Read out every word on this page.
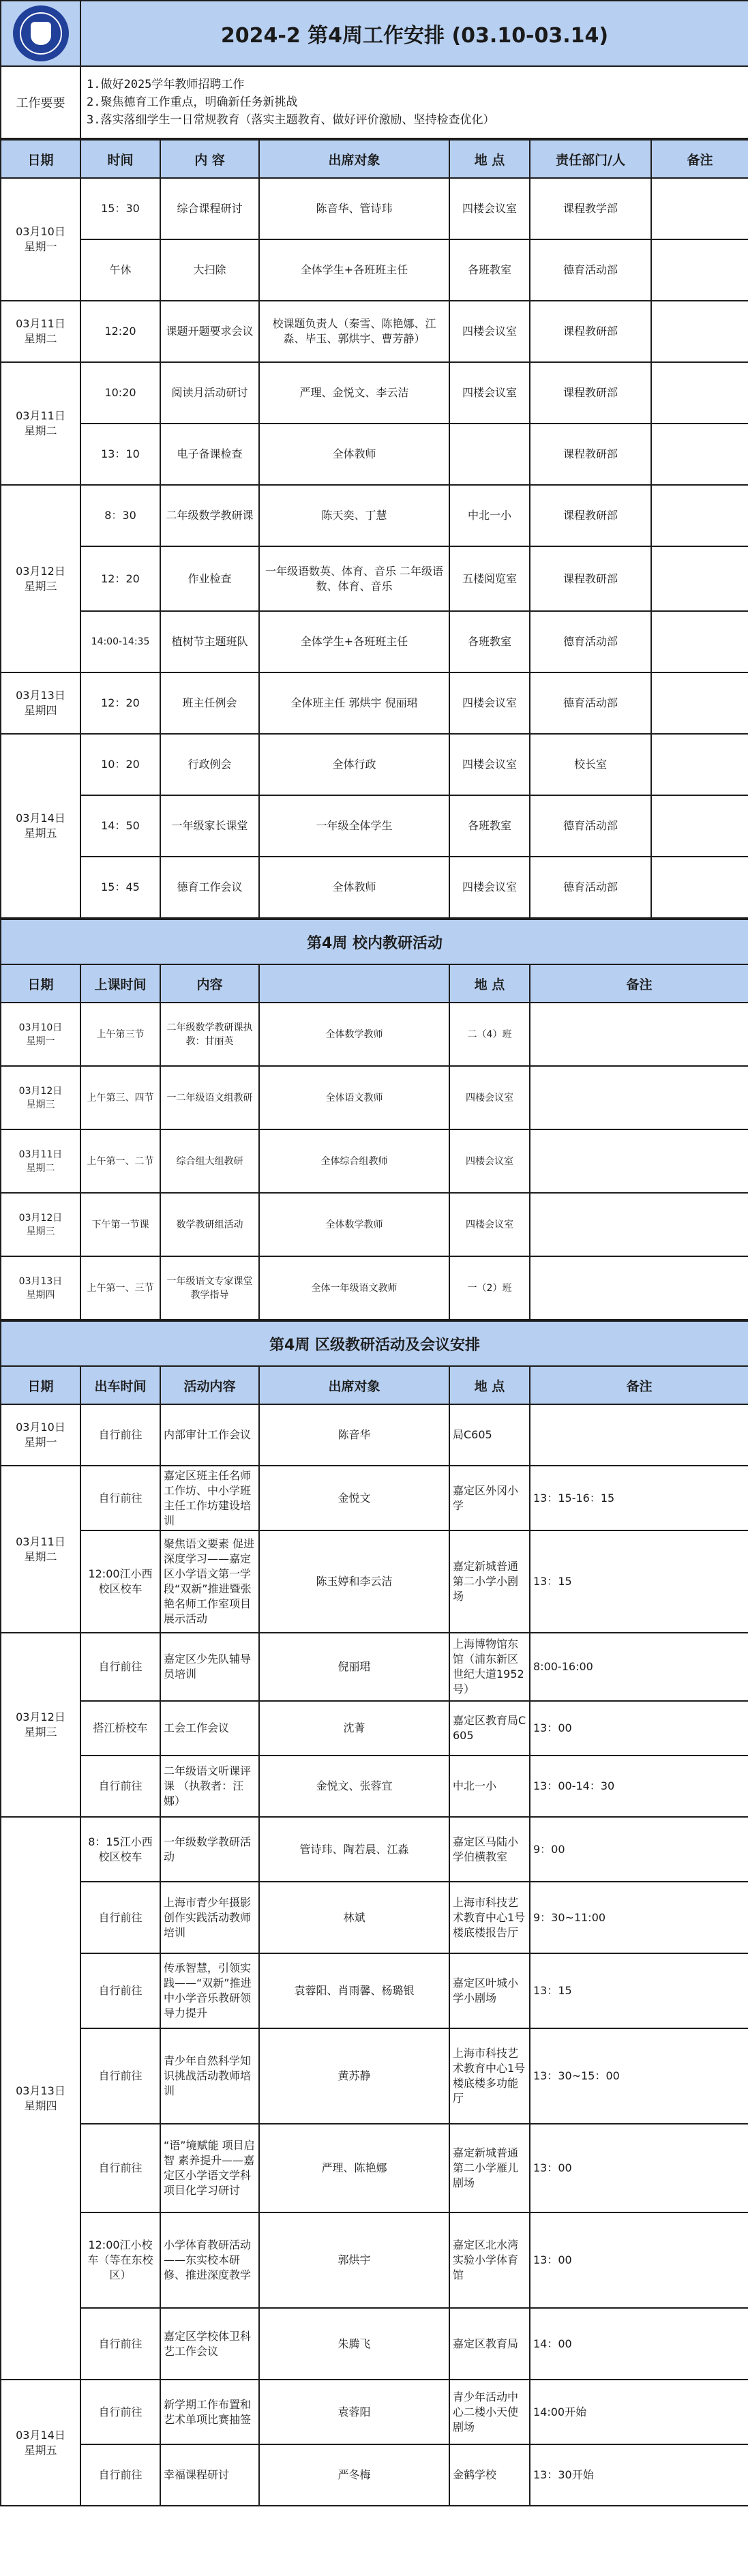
	2024-2 第4周工作安排 (03.10-03.14)
工作要要	1.做好2025学年教师招聘工作
2.聚焦德育工作重点，明确新任务新挑战
3.落实落细学生一日常规教育（落实主题教育、做好评价激励、坚持检查优化）
日期	时间	内 容	出席对象	地 点	责任部门/人	备注
03月10日
星期一	15：30	综合课程研讨	陈音华、管诗玮	四楼会议室	课程教学部	
	午休	大扫除	全体学生+各班班主任	各班教室	德育活动部	
03月11日
星期二	12:20	课题开题要求会议	校课题负责人（秦雪、陈艳娜、江淼、毕玉、郭烘宇、曹芳静）	四楼会议室	课程教研部	
03月11日
星期二	10:20	阅读月活动研讨	严理、金悦文、李云洁	四楼会议室	课程教研部	
	13：10	电子备课检查	全体教师		课程教研部	
03月12日
星期三	8：30	二年级数学教研课	陈天奕、丁慧	中北一小	课程教研部	
	12：20	作业检查	一年级语数英、体育、音乐 二年级语数、体育、音乐	五楼阅览室	课程教研部	
	14:00-14:35	植树节主题班队	全体学生+各班班主任	各班教室	德育活动部	
03月13日
星期四	12：20	班主任例会	全体班主任 郭烘宇 倪丽珺	四楼会议室	德育活动部	
03月14日
星期五	10：20	行政例会	全体行政	四楼会议室	校长室	
	14：50	一年级家长课堂	一年级全体学生	各班教室	德育活动部	
	15：45	德育工作会议	全体教师	四楼会议室	德育活动部	
第4周 校内教研活动					
日期	上课时间	内容		地 点	备注
03月10日
星期一	上午第三节	二年级数学教研课执教：甘丽英	全体数学教师	二（4）班	
03月12日
星期三	上午第三、四节	一二年级语文组教研	全体语文教师	四楼会议室	
03月11日
星期二	上午第一、二节	综合组大组教研	全体综合组教师	四楼会议室	
03月12日
星期三	下午第一节课	数学教研组活动	全体数学教师	四楼会议室	
03月13日
星期四	上午第一、三节	一年级语文专家课堂教学指导	全体一年级语文教师	一（2）班	
第4周 区级教研活动及会议安排					
日期	出车时间	活动内容	出席对象	地 点	备注
03月10日
星期一	自行前往	内部审计工作会议	陈音华	局C605	
03月11日
星期二	自行前往	嘉定区班主任名师工作坊、中小学班主任工作坊建设培训	金悦文	嘉定区外冈小学	13：15-16：15
	12:00江小西校区校车	聚焦语文要素 促进深度学习——嘉定区小学语文第一学段“双新”推进暨张艳名师工作室项目展示活动	陈玉婷和李云洁	嘉定新城普通第二小学小剧场	13：15
03月12日
星期三	自行前往	嘉定区少先队辅导员培训	倪丽珺	上海博物馆东馆（浦东新区世纪大道1952号）	8:00-16:00
	搭江桥校车	工会工作会议	沈菁	嘉定区教育局C605	13：00
	自行前往	二年级语文听课评课 （执教者：汪娜）	金悦文、张蓉宜	中北一小	13：00-14：30
03月13日
星期四	8：15江小西校区校车	一年级数学教研活动	管诗玮、陶若晨、江淼	嘉定区马陆小学伯横教室	9：00
	自行前往	上海市青少年摄影创作实践活动教师培训	林斌	上海市科技艺术教育中心1号楼底楼报告厅	9：30~11:00
	自行前往	传承智慧，引领实践——“双新”推进中小学音乐教研领导力提升	袁蓉阳、肖雨馨、杨璐银	嘉定区叶城小学小剧场	13：15
	自行前往	青少年自然科学知识挑战活动教师培训	黄苏静	上海市科技艺术教育中心1号楼底楼多功能厅	13：30~15：00
	自行前往	“语”境赋能 项目启智 素养提升——嘉定区小学语文学科项目化学习研讨	严理、陈艳娜	嘉定新城普通第二小学雁儿剧场	13：00
	12:00江小校车（等在东校区）	小学体育教研活动——东实校本研修、推进深度教学	郭烘宇	嘉定区北水湾实验小学体育馆	13：00
	自行前往	嘉定区学校体卫科艺工作会议	朱腾飞	嘉定区教育局	14：00
03月14日
星期五	自行前往	新学期工作布置和艺术单项比赛抽签	袁蓉阳	青少年活动中心二楼小天使剧场	14:00开始
	自行前往	幸福课程研讨	严冬梅	金鹤学校	13：30开始
